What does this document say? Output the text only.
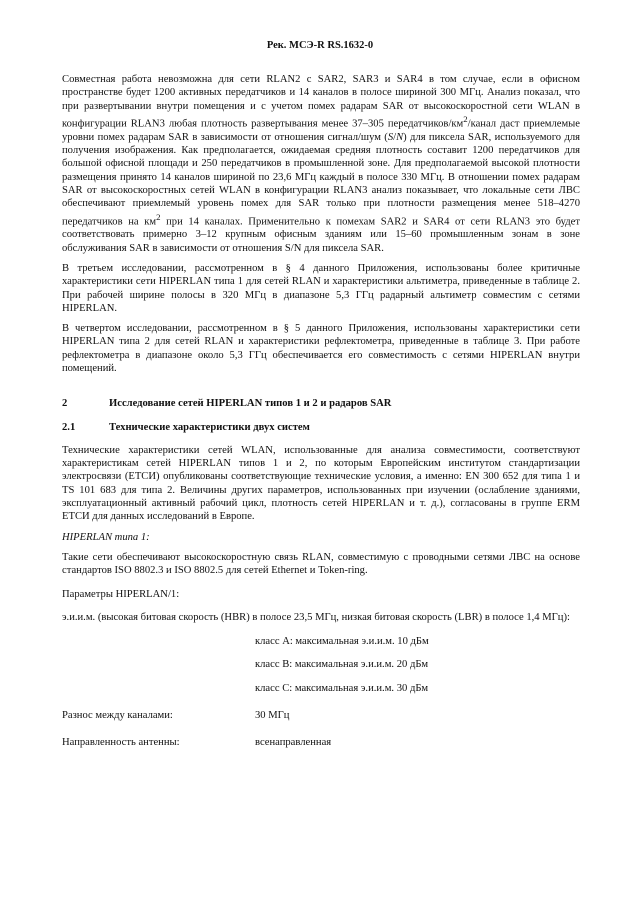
Рек. МСЭ-R RS.1632-0

Совместная работа невозможна для сети RLAN2 с SAR2, SAR3 и SAR4 в том случае, если в офисном пространстве будет 1200 активных передатчиков и 14 каналов в полосе шириной 300 МГц. Анализ показал, что при развертывании внутри помещения и с учетом помех радарам SAR от высокоскоростной сети WLAN в конфигурации RLAN3 любая плотность развертывания менее 37–305 передатчиков/$км^2$/канал даст приемлемые уровни помех радарам SAR в зависимости от отношения сигнал/шум (S/N) для пиксела SAR, используемого для получения изображения. Как предполагается, ожидаемая средняя плотность составит 1200 передатчиков для большой офисной площади и 250 передатчиков в промышленной зоне. Для предполагаемой высокой плотности размещения принято 14 каналов шириной по 23,6 МГц каждый в полосе 330 МГц. В отношении помех радарам SAR от высокоскоростных сетей WLAN в конфигурации RLAN3 анализ показывает, что локальные сети ЛВС обеспечивают приемлемый уровень помех для SAR только при плотности размещения менее 518–4270 передатчиков на $км^2$ при 14 каналах. Применительно к помехам SAR2 и SAR4 от сети RLAN3 это будет соответствовать примерно 3–12 крупным офисным зданиям или 15–60 промышленным зонам в зоне обслуживания SAR в зависимости от отношения S/N для пиксела SAR.

В третьем исследовании, рассмотренном в § 4 данного Приложения, использованы более критичные характеристики сети HIPERLAN типа 1 для сетей RLAN и характеристики альтиметра, приведенные в таблице 2. При рабочей ширине полосы в 320 МГц в диапазоне 5,3 ГГц радарный альтиметр совместим с сетями HIPERLAN.

В четвертом исследовании, рассмотренном в § 5 данного Приложения, использованы характеристики сети HIPERLAN типа 2 для сетей RLAN и характеристики рефлектометра, приведенные в таблице 3. При работе рефлектометра в диапазоне около 5,3 ГГц обеспечивается его совместимость с сетями HIPERLAN внутри помещений.

2	Исследование сетей HIPERLAN типов 1 и 2 и радаров SAR
2.1	Технические характеристики двух систем

Технические характеристики сетей WLAN, использованные для анализа совместимости, соответствуют характеристикам сетей HIPERLAN типов 1 и 2, по которым Европейским институтом стандартизации электросвязи (ЕТСИ) опубликованы соответствующие технические условия, а именно: EN 300 652 для типа 1 и TS 101 683 для типа 2. Величины других параметров, использованных при изучении (ослабление зданиями, эксплуатационный активный рабочий цикл, плотность сетей HIPERLAN и т. д.), согласованы в группе ERM ЕТСИ для данных исследований в Европе.

HIPERLAN типа 1:

Такие сети обеспечивают высокоскоростную связь RLAN, совместимую с проводными сетями ЛВС на основе стандартов ISO 8802.3 и ISO 8802.5 для сетей Ethernet и Token-ring.

Параметры HIPERLAN/1:

э.и.и.м. (высокая битовая скорость (HBR) в полосе 23,5 МГц, низкая битовая скорость (LBR) в полосе 1,4 МГц):

класс A: максимальная э.и.и.м. 10 дБм
класс B: максимальная э.и.и.м. 20 дБм
класс C: максимальная э.и.и.м. 30 дБм
Разнос между каналами:	30 МГц
Направленность антенны:	всенаправленная
